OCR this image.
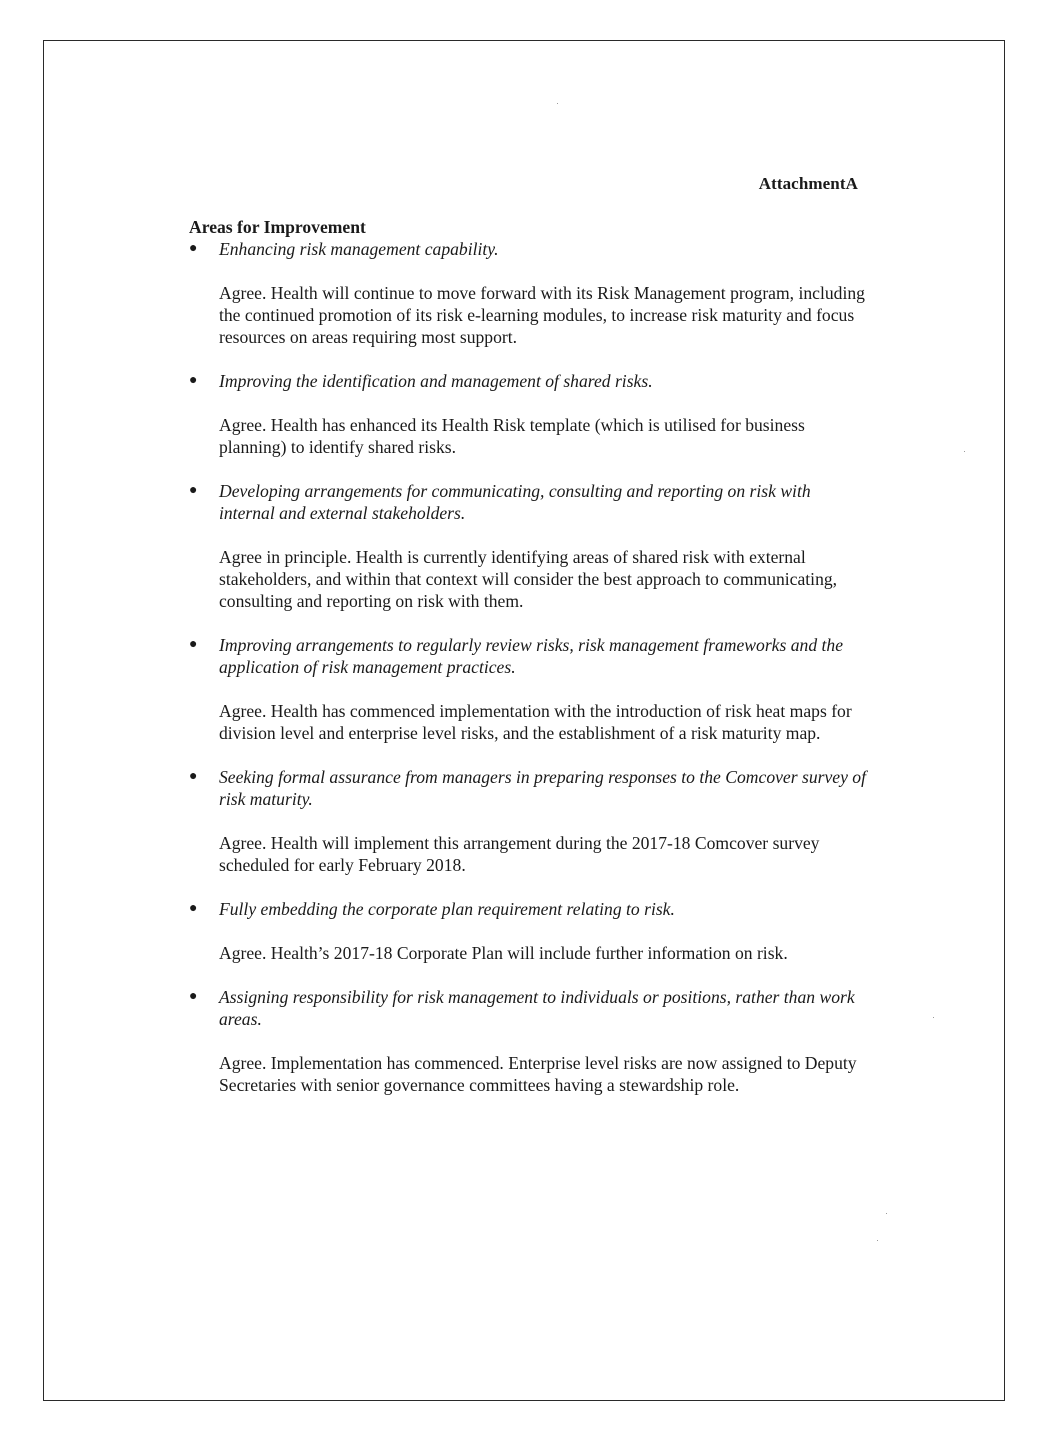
AttachmentA
Areas for Improvement
●	Enhancing risk management capability.
Agree. Health will continue to move forward with its Risk Management program, including the continued promotion of its risk e-learning modules, to increase risk maturity and focus resources on areas requiring most support.
●	Improving the identification and management of shared risks.
Agree. Health has enhanced its Health Risk template (which is utilised for business planning) to identify shared risks.
●	Developing arrangements for communicating, consulting and reporting on risk with internal and external stakeholders.
Agree in principle. Health is currently identifying areas of shared risk with external stakeholders, and within that context will consider the best approach to communicating, consulting and reporting on risk with them.
●	Improving arrangements to regularly review risks, risk management frameworks and the application of risk management practices.
Agree. Health has commenced implementation with the introduction of risk heat maps for division level and enterprise level risks, and the establishment of a risk maturity map.
●	Seeking formal assurance from managers in preparing responses to the Comcover survey of risk maturity.
Agree. Health will implement this arrangement during the 2017-18 Comcover survey scheduled for early February 2018.
●	Fully embedding the corporate plan requirement relating to risk.
Agree. Health’s 2017-18 Corporate Plan will include further information on risk.
●	Assigning responsibility for risk management to individuals or positions, rather than work areas.
Agree. Implementation has commenced. Enterprise level risks are now assigned to Deputy Secretaries with senior governance committees having a stewardship role.
